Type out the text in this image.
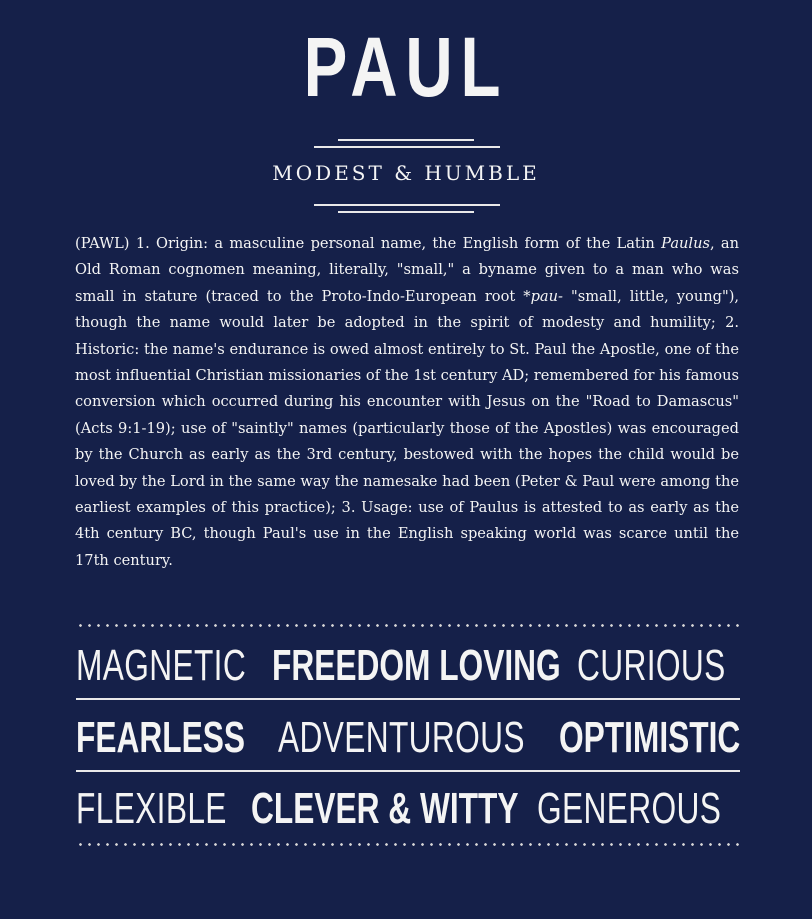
PAUL
MODEST & HUMBLE

(PAWL) 1. Origin: a masculine personal name, the English form of the Latin Paulus, an Old Roman cognomen meaning, literally, "small," a byname given to a man who was small in stature (traced to the Proto-Indo-European root *pau- "small, little, young"), though the name would later be adopted in the spirit of modesty and humility; 2. Historic: the name's endurance is owed almost entirely to St. Paul the Apostle, one of the most influential Christian missionaries of the 1st century AD; remembered for his famous conversion which occurred during his encounter with Jesus on the "Road to Damascus" (Acts 9:1-19); use of "saintly" names (particularly those of the Apostles) was encouraged by the Church as early as the 3rd century, bestowed with the hopes the child would be loved by the Lord in the same way the namesake had been (Peter & Paul were among the earliest examples of this practice); 3. Usage: use of Paulus is attested to as early as the 4th century BC, though Paul's use in the English speaking world was scarce until the 17th century.

MAGNETIC FREEDOM LOVING CURIOUS
FEARLESS ADVENTUROUS OPTIMISTIC
FLEXIBLE CLEVER & WITTY GENEROUS
